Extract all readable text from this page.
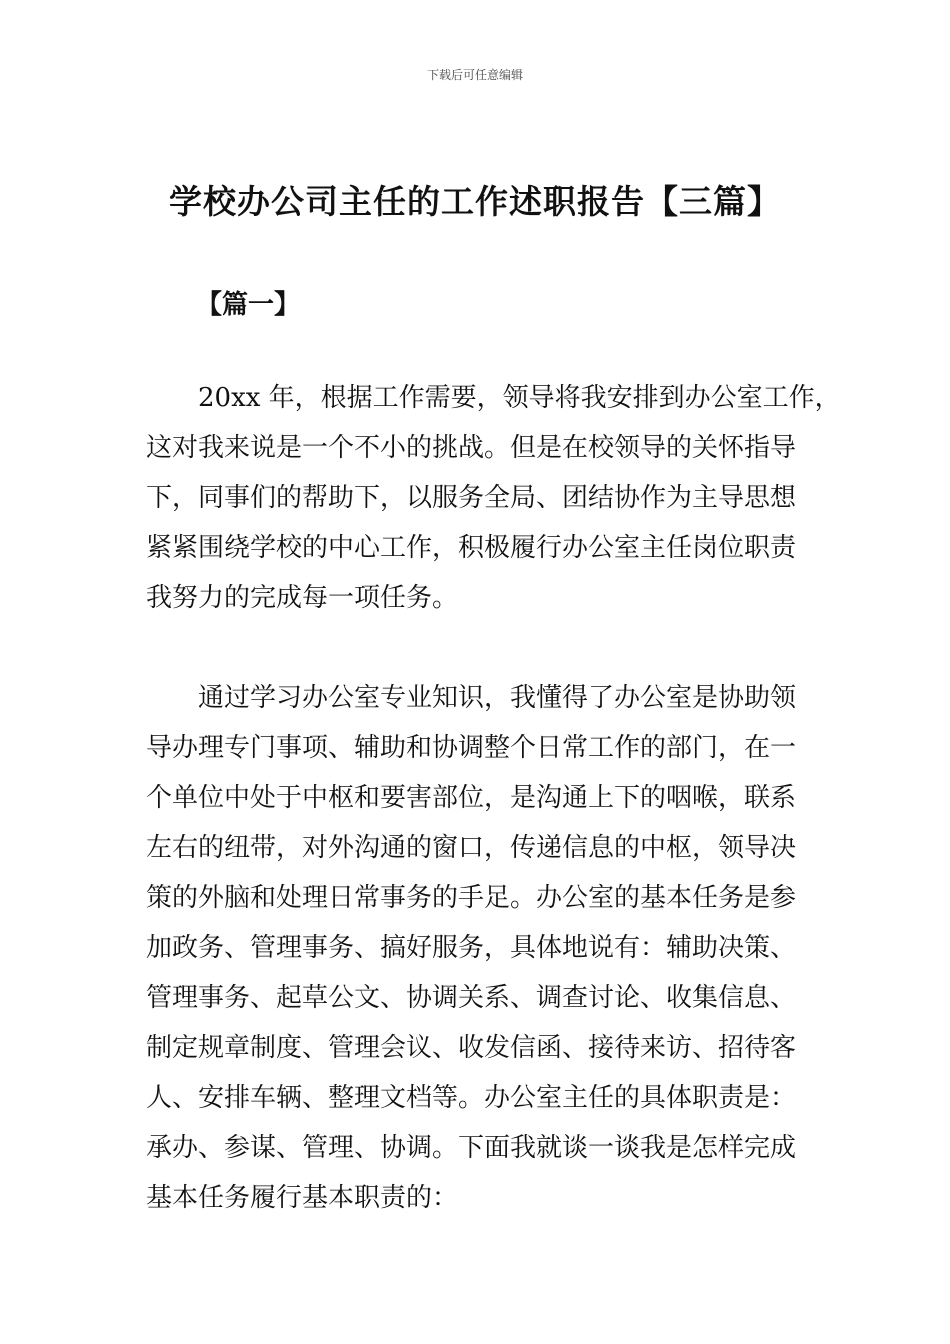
下载后可任意编辑
学校办公司主任的工作述职报告【三篇】
【篇一】
20xx 年，根据工作需要，领导将我安排到办公室工作，
这对我来说是一个不小的挑战。但是在校领导的关怀指导
下，同事们的帮助下，以服务全局、团结协作为主导思想
紧紧围绕学校的中心工作，积极履行办公室主任岗位职责
我努力的完成每一项任务。
通过学习办公室专业知识，我懂得了办公室是协助领
导办理专门事项、辅助和协调整个日常工作的部门，在一
个单位中处于中枢和要害部位，是沟通上下的咽喉，联系
左右的纽带，对外沟通的窗口，传递信息的中枢，领导决
策的外脑和处理日常事务的手足。办公室的基本任务是参
加政务、管理事务、搞好服务，具体地说有：辅助决策、
管理事务、起草公文、协调关系、调查讨论、收集信息、
制定规章制度、管理会议、收发信函、接待来访、招待客
人、安排车辆、整理文档等。办公室主任的具体职责是：
承办、参谋、管理、协调。下面我就谈一谈我是怎样完成
基本任务履行基本职责的：
